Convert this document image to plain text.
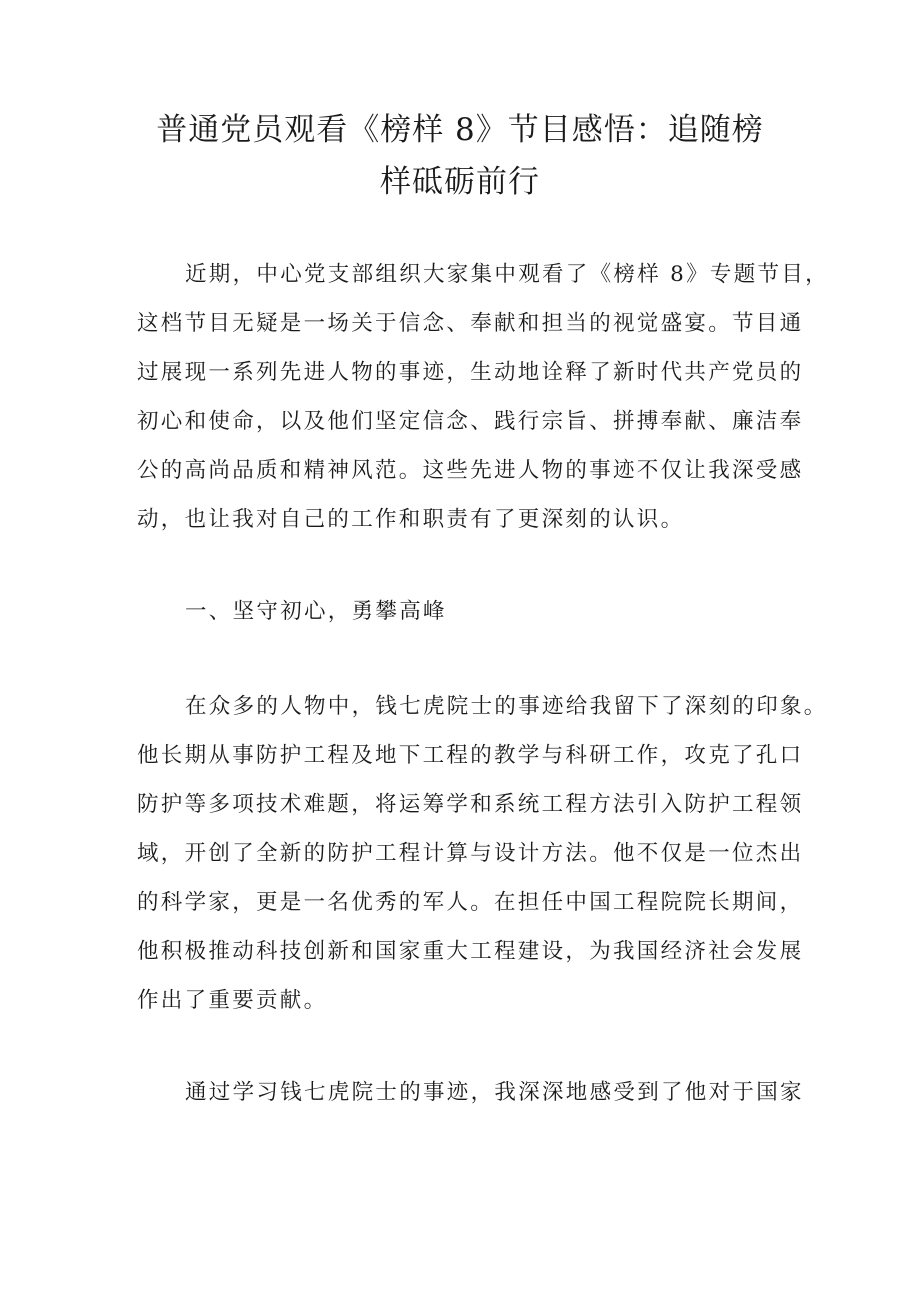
普通党员观看《榜样 8》节目感悟：追随榜
样砥砺前行
近期，中心党支部组织大家集中观看了《榜样 8》专题节目，
这档节目无疑是一场关于信念、奉献和担当的视觉盛宴。节目通
过展现一系列先进人物的事迹，生动地诠释了新时代共产党员的
初心和使命，以及他们坚定信念、践行宗旨、拼搏奉献、廉洁奉
公的高尚品质和精神风范。这些先进人物的事迹不仅让我深受感
动，也让我对自己的工作和职责有了更深刻的认识。
一、坚守初心，勇攀高峰
在众多的人物中，钱七虎院士的事迹给我留下了深刻的印象。
他长期从事防护工程及地下工程的教学与科研工作，攻克了孔口
防护等多项技术难题，将运筹学和系统工程方法引入防护工程领
域，开创了全新的防护工程计算与设计方法。他不仅是一位杰出
的科学家，更是一名优秀的军人。在担任中国工程院院长期间，
他积极推动科技创新和国家重大工程建设，为我国经济社会发展
作出了重要贡献。
通过学习钱七虎院士的事迹，我深深地感受到了他对于国家
